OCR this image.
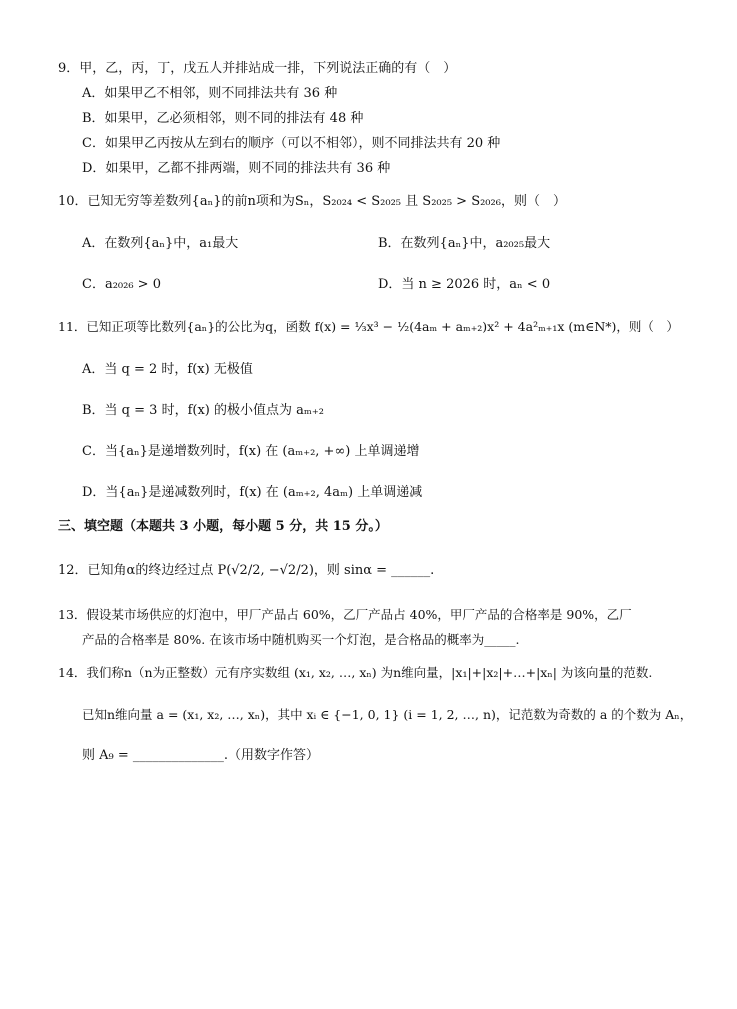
9．甲，乙，丙，丁，戊五人并排站成一排，下列说法正确的有（　）
A．如果甲乙不相邻，则不同排法共有 36 种
B．如果甲，乙必须相邻，则不同的排法有 48 种
C．如果甲乙丙按从左到右的顺序（可以不相邻），则不同排法共有 20 种
D．如果甲，乙都不排两端，则不同的排法共有 36 种
10．已知无穷等差数列{aₙ}的前n项和为Sₙ，S₂₀₂₄ < S₂₀₂₅ 且 S₂₀₂₅ > S₂₀₂₆，则（　）
A．在数列{aₙ}中，a₁最大	B．在数列{aₙ}中，a₂₀₂₅最大
C．a₂₀₂₆ > 0	D．当 n ≥ 2026 时，aₙ < 0
11．已知正项等比数列{aₙ}的公比为q，函数 f(x) = ⅓x³ − ½(4aₘ + aₘ₊₂)x² + 4a²ₘ₊₁x (m∈N*)，则（　）
A．当 q = 2 时，f(x) 无极值
B．当 q = 3 时，f(x) 的极小值点为 aₘ₊₂
C．当{aₙ}是递增数列时，f(x) 在 (aₘ₊₂, +∞) 上单调递增
D．当{aₙ}是递减数列时，f(x) 在 (aₘ₊₂, 4aₘ) 上单调递减
三、填空题（本题共 3 小题，每小题 5 分，共 15 分。）
12．已知角α的终边经过点 P(√2/2, −√2/2)，则 sinα = ______.
13．假设某市场供应的灯泡中，甲厂产品占 60%，乙厂产品占 40%，甲厂产品的合格率是 90%，乙厂
产品的合格率是 80%. 在该市场中随机购买一个灯泡，是合格品的概率为_____.
14．我们称n（n为正整数）元有序实数组 (x₁, x₂, …, xₙ) 为n维向量，|x₁|+|x₂|+…+|xₙ| 为该向量的范数.
已知n维向量 a = (x₁, x₂, …, xₙ)，其中 xᵢ ∈ {−1, 0, 1} (i = 1, 2, …, n)，记范数为奇数的 a 的个数为 Aₙ，
则 A₉ = ______________.（用数字作答）
